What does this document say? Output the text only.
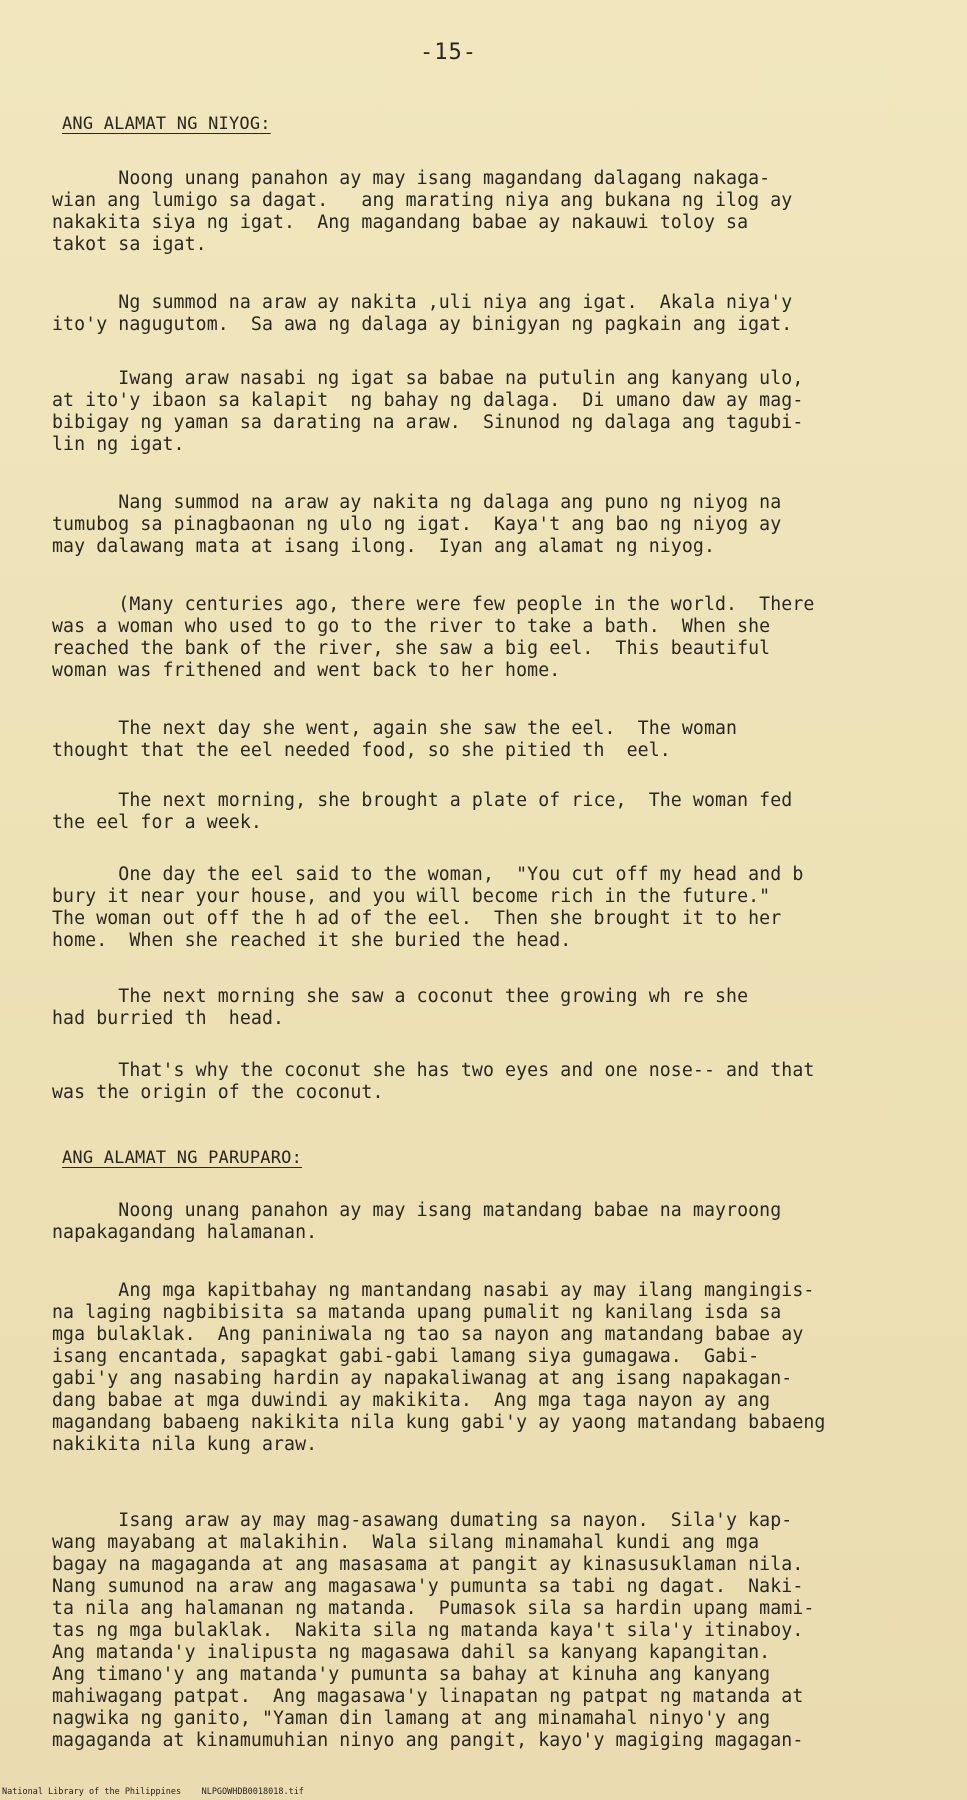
-15-
ANG ALAMAT NG NIYOG:
Noong unang panahon ay may isang magandang dalagang nakaga-
wian ang lumigo sa dagat.   ang marating niya ang bukana ng ilog ay
nakakita siya ng igat.  Ang magandang babae ay nakauwi toloy sa
takot sa igat.
Ng summod na araw ay nakita ,uli niya ang igat.  Akala niya'y
ito'y nagugutom.  Sa awa ng dalaga ay binigyan ng pagkain ang igat.
Iwang araw nasabi ng igat sa babae na putulin ang kanyang ulo,
at ito'y ibaon sa kalapit  ng bahay ng dalaga.  Di umano daw ay mag-
bibigay ng yaman sa darating na araw.  Sinunod ng dalaga ang tagubi-
lin ng igat.
Nang summod na araw ay nakita ng dalaga ang puno ng niyog na
tumubog sa pinagbaonan ng ulo ng igat.  Kaya't ang bao ng niyog ay
may dalawang mata at isang ilong.  Iyan ang alamat ng niyog.
(Many centuries ago, there were few people in the world.  There
was a woman who used to go to the river to take a bath.  When she
reached the bank of the river, she saw a big eel.  This beautiful
woman was frithened and went back to her home.
The next day she went, again she saw the eel.  The woman
thought that the eel needed food, so she pitied th  eel.
The next morning, she brought a plate of rice,  The woman fed
the eel for a week.
One day the eel said to the woman,  "You cut off my head and b
bury it near your house, and you will become rich in the future."
The woman out off the h ad of the eel.  Then she brought it to her
home.  When she reached it she buried the head.
The next morning she saw a coconut thee growing wh re she
had burried th  head.
That's why the coconut she has two eyes and one nose-- and that
was the origin of the coconut.
ANG ALAMAT NG PARUPARO:
Noong unang panahon ay may isang matandang babae na mayroong
napakagandang halamanan.
Ang mga kapitbahay ng mantandang nasabi ay may ilang mangingis-
na laging nagbibisita sa matanda upang pumalit ng kanilang isda sa
mga bulaklak.  Ang paniniwala ng tao sa nayon ang matandang babae ay
isang encantada, sapagkat gabi-gabi lamang siya gumagawa.  Gabi-
gabi'y ang nasabing hardin ay napakaliwanag at ang isang napakagan-
dang babae at mga duwindi ay makikita.  Ang mga taga nayon ay ang
magandang babaeng nakikita nila kung gabi'y ay yaong matandang babaeng
nakikita nila kung araw.
Isang araw ay may mag-asawang dumating sa nayon.  Sila'y kap-
wang mayabang at malakihin.  Wala silang minamahal kundi ang mga
bagay na magaganda at ang masasama at pangit ay kinasusuklaman nila.
Nang sumunod na araw ang magasawa'y pumunta sa tabi ng dagat.  Naki-
ta nila ang halamanan ng matanda.  Pumasok sila sa hardin upang mami-
tas ng mga bulaklak.  Nakita sila ng matanda kaya't sila'y itinaboy.
Ang matanda'y inalipusta ng magasawa dahil sa kanyang kapangitan.
Ang timano'y ang matanda'y pumunta sa bahay at kinuha ang kanyang
mahiwagang patpat.  Ang magasawa'y linapatan ng patpat ng matanda at
nagwika ng ganito, "Yaman din lamang at ang minamahal ninyo'y ang
magaganda at kinamumuhian ninyo ang pangit, kayo'y magiging magagan-
National Library of the Philippines    NLPGOWHDB0018018.tif
